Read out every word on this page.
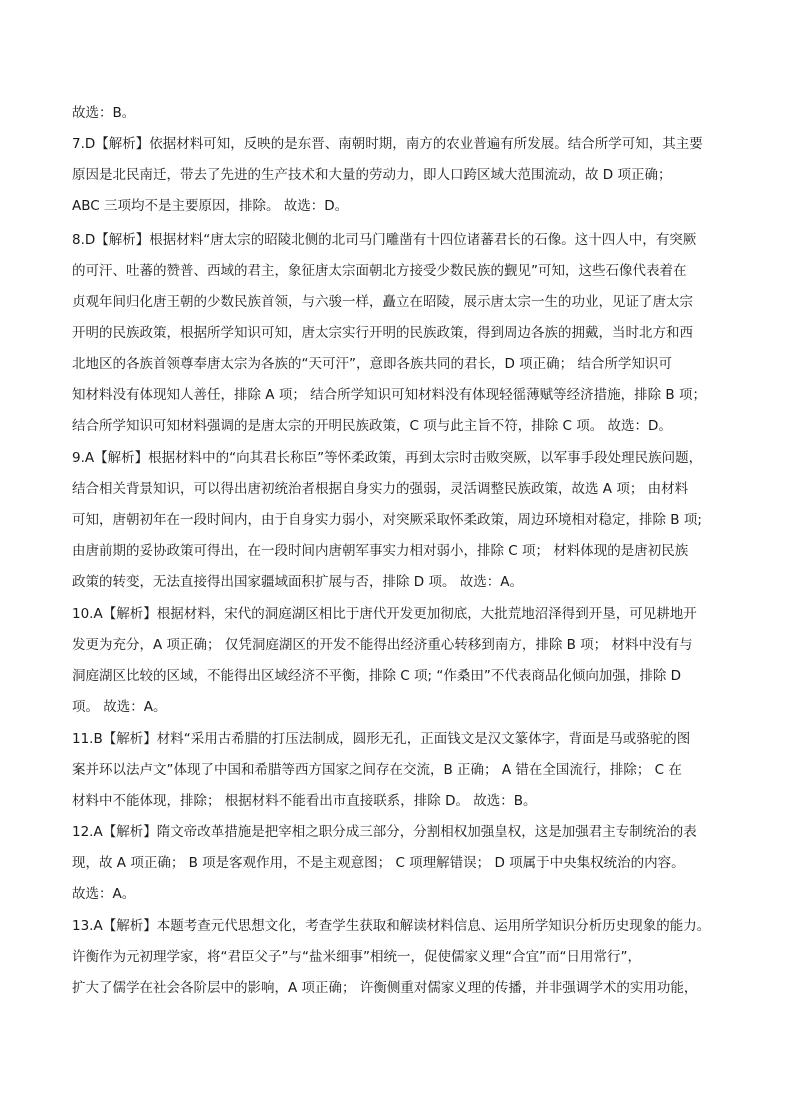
故选：B。
7.D【解析】依据材料可知，反映的是东晋、南朝时期，南方的农业普遍有所发展。结合所学可知，其主要
原因是北民南迁，带去了先进的生产技术和大量的劳动力，即人口跨区域大范围流动，故 D 项正确；
ABC 三项均不是主要原因，排除。 故选：D。
8.D【解析】根据材料“唐太宗的昭陵北侧的北司马门雕凿有十四位诸蕃君长的石像。这十四人中，有突厥
的可汗、吐蕃的赞普、西域的君主，象征唐太宗面朝北方接受少数民族的觐见”可知，这些石像代表着在
贞观年间归化唐王朝的少数民族首领，与六骏一样，矗立在昭陵，展示唐太宗一生的功业，见证了唐太宗
开明的民族政策，根据所学知识可知，唐太宗实行开明的民族政策，得到周边各族的拥戴，当时北方和西
北地区的各族首领尊奉唐太宗为各族的“天可汗”，意即各族共同的君长，D 项正确； 结合所学知识可
知材料没有体现知人善任，排除 A 项； 结合所学知识可知材料没有体现轻徭薄赋等经济措施，排除 B 项；
结合所学知识可知材料强调的是唐太宗的开明民族政策，C 项与此主旨不符，排除 C 项。 故选：D。
9.A【解析】根据材料中的“向其君长称臣”等怀柔政策，再到太宗时击败突厥，以军事手段处理民族问题，
结合相关背景知识，可以得出唐初统治者根据自身实力的强弱，灵活调整民族政策，故选 A 项； 由材料
可知，唐朝初年在一段时间内，由于自身实力弱小，对突厥采取怀柔政策，周边环境相对稳定，排除 B 项;
由唐前期的妥协政策可得出，在一段时间内唐朝军事实力相对弱小，排除 C 项； 材料体现的是唐初民族
政策的转变，无法直接得出国家疆域面积扩展与否，排除 D 项。 故选：A。
10.A【解析】根据材料，宋代的洞庭湖区相比于唐代开发更加彻底，大批荒地沼泽得到开垦，可见耕地开
发更为充分，A 项正确； 仅凭洞庭湖区的开发不能得出经济重心转移到南方，排除 B 项； 材料中没有与
洞庭湖区比较的区域，不能得出区域经济不平衡，排除 C 项; “作桑田”不代表商品化倾向加强，排除 D
项。 故选：A。
11.B【解析】材料“采用古希腊的打压法制成，圆形无孔，正面钱文是汉文篆体字，背面是马或骆驼的图
案并环以法卢文”体现了中国和希腊等西方国家之间存在交流，B 正确； A 错在全国流行，排除； C 在
材料中不能体现，排除； 根据材料不能看出市直接联系，排除 D。 故选：B。
12.A【解析】隋文帝改革措施是把宰相之职分成三部分，分割相权加强皇权，这是加强君主专制统治的表
现，故 A 项正确； B 项是客观作用，不是主观意图； C 项理解错误； D 项属于中央集权统治的内容。
故选：A。
13.A【解析】本题考查元代思想文化，考查学生获取和解读材料信息、运用所学知识分析历史现象的能力。
许衡作为元初理学家，将“君臣父子”与“盐米细事”相统一，促使儒家义理“合宜”而“日用常行”，
扩大了儒学在社会各阶层中的影响，A 项正确； 许衡侧重对儒家义理的传播，并非强调学术的实用功能，
